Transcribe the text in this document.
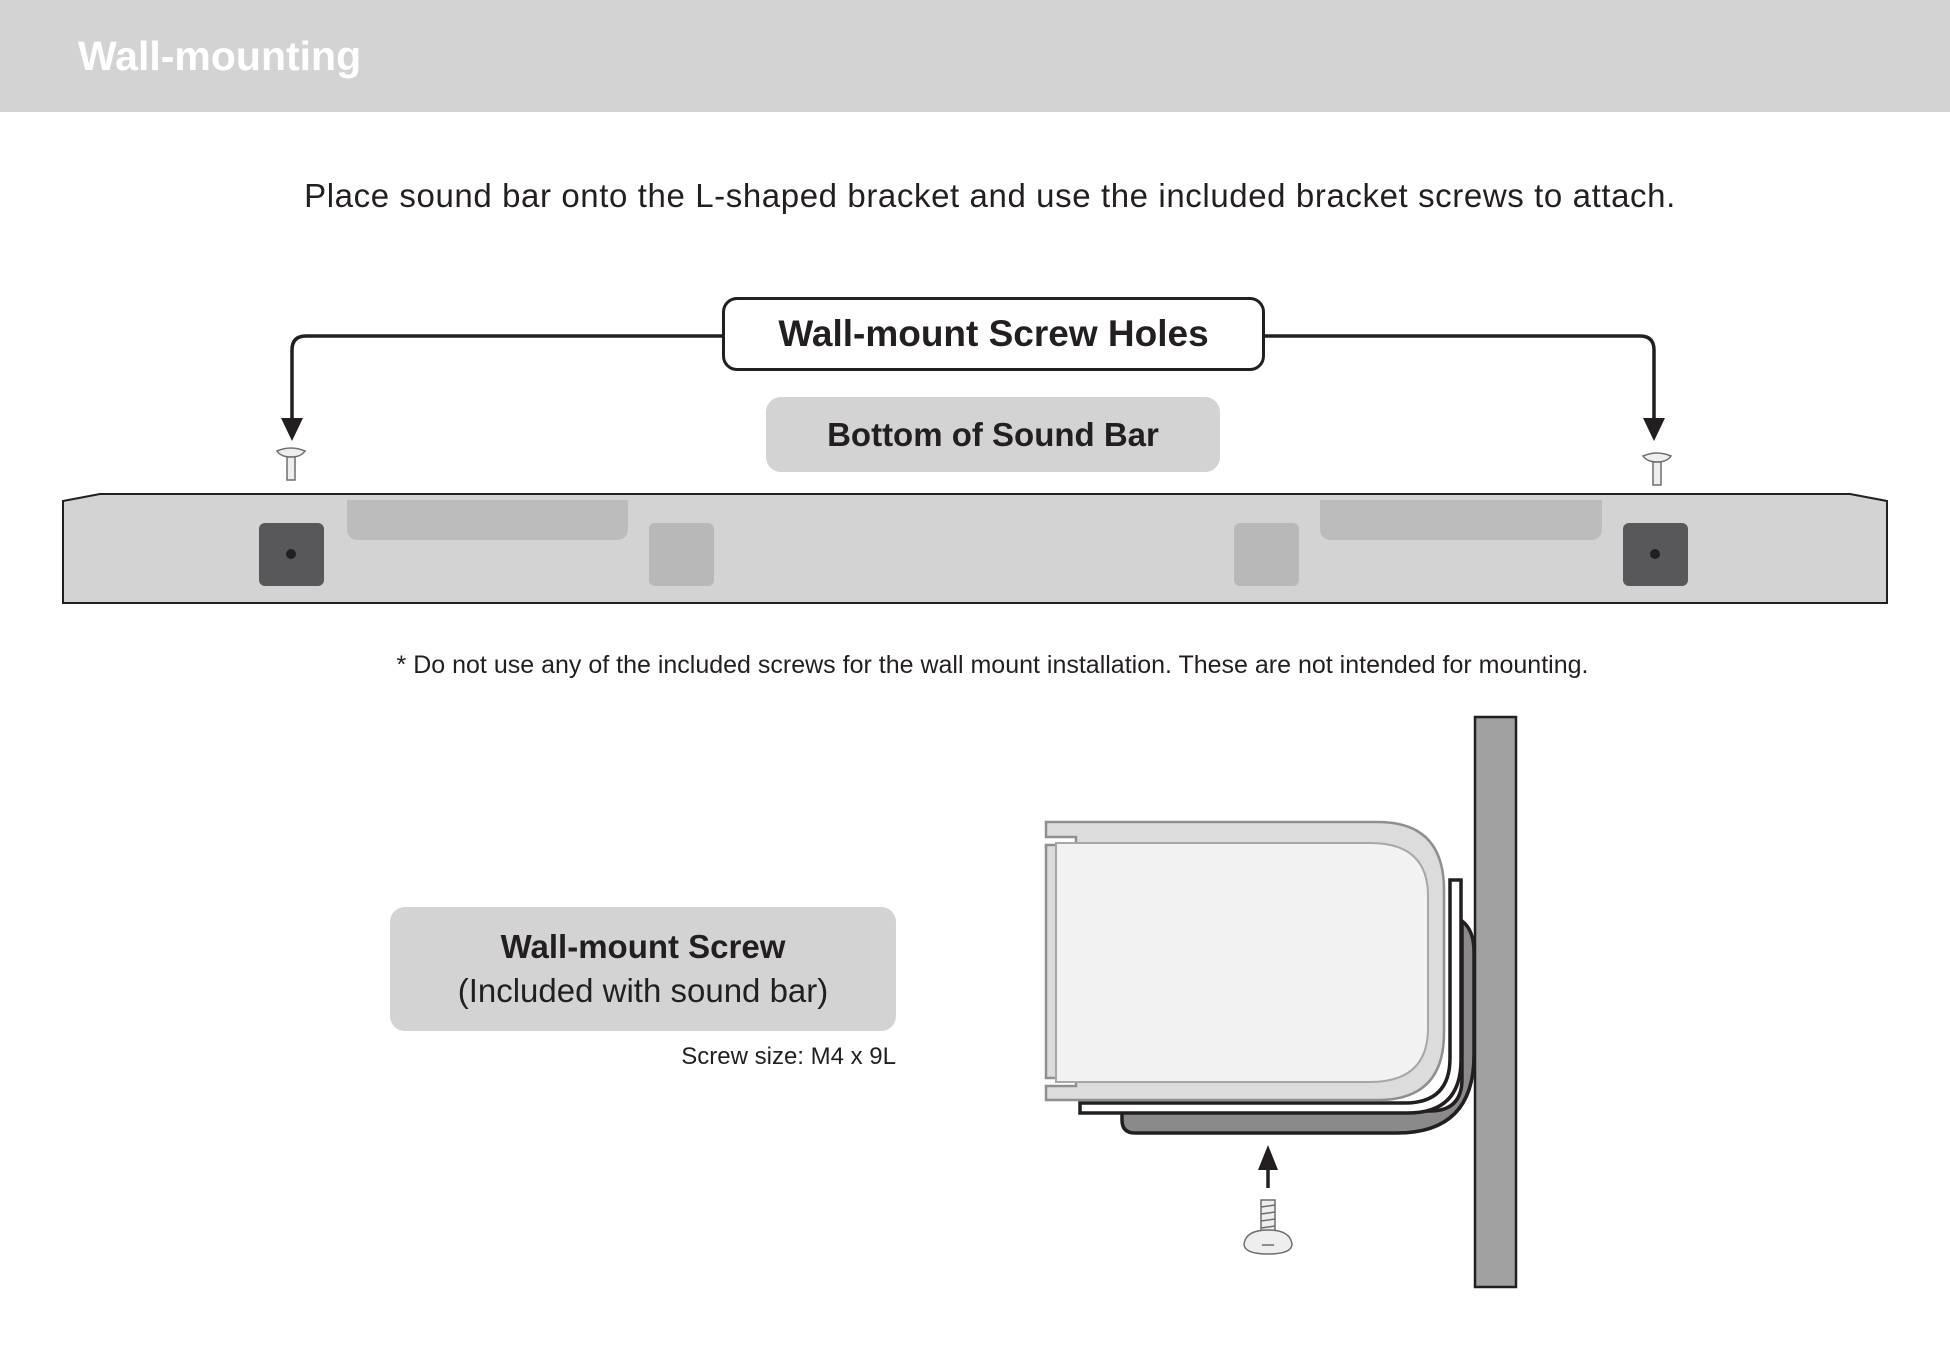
Wall-mounting
Place sound bar onto the L-shaped bracket and use the included bracket screws to attach.
Wall-mount Screw Holes
Bottom of Sound Bar
* Do not use any of the included screws for the wall mount installation. These are not intended for mounting.
Wall-mount Screw
(Included with sound bar)
Screw size: M4 x 9L
